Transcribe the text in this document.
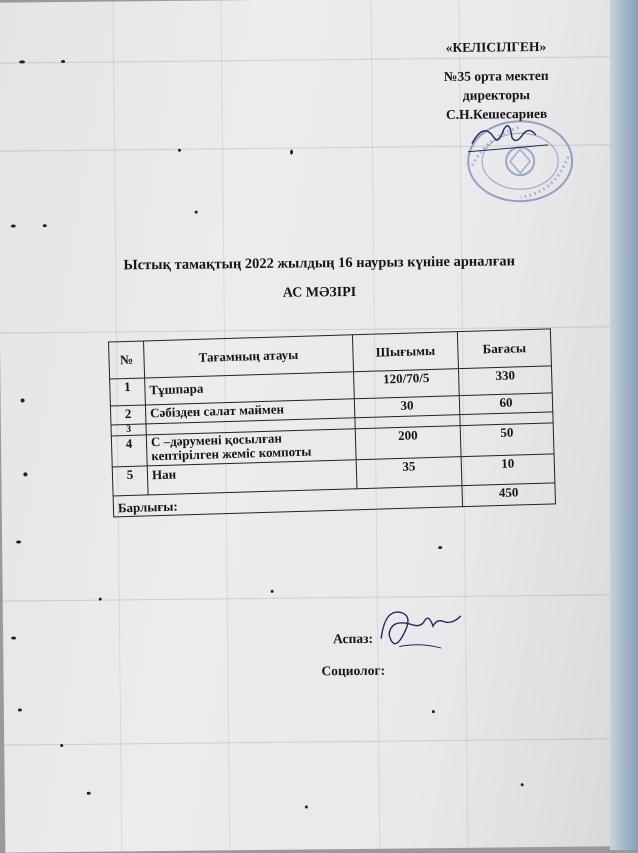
«КЕЛІСІЛГЕН»
№35 орта мектеп
директоры
С.Н.Кешесариев
Ыстық тамақтың 2022 жылдың 16 наурыз күніне арналған
АС МӘЗІРІ
№	Тағамның атауы	Шығымы	Бағасы
1	Тұшпара	120/70/5	330
2	Сәбізден салат маймен	30	60
3			
4	С –дәрумені қосылған кептірілген жеміс компоты	200	50
5	Нан	35	10
Барлығы:			450
Аспаз:
Социолог:
